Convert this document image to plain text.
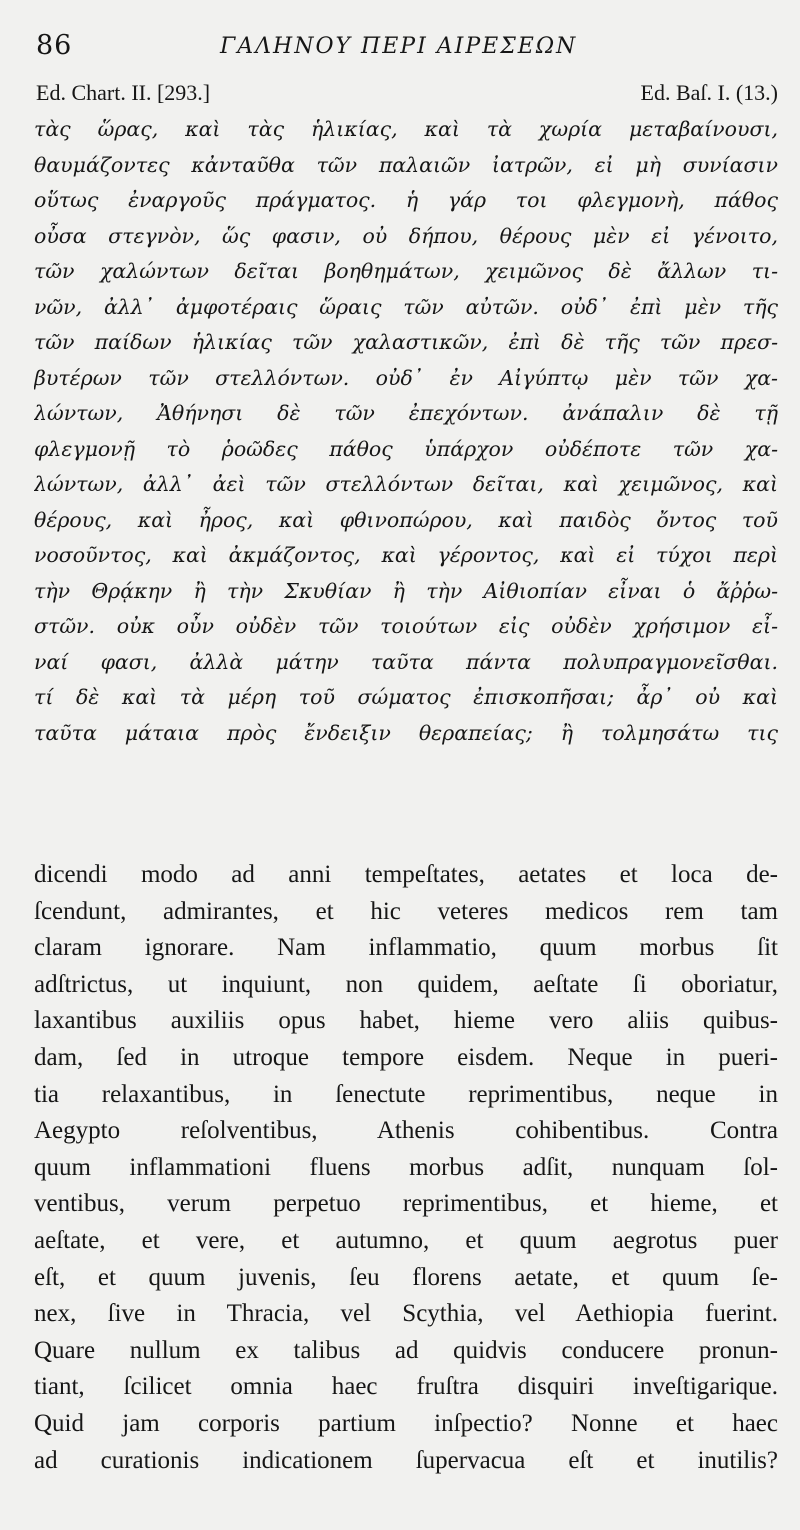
86	ΓΑΛΗΝΟΥ ΠΕΡΙ ΑΙΡΕΣΕΩΝ
Ed. Chart. II. [293.]	Ed. Baſ. I. (13.)
τὰς ὥρας, καὶ τὰς ἡλικίας, καὶ τὰ χωρία μεταβαίνουσι,
θαυμάζοντες κἀνταῦθα τῶν παλαιῶν ἰατρῶν, εἰ μὴ συνίασιν
οὕτως ἐναργοῦς πράγματος. ἡ γάρ τοι φλεγμονὴ, πάθος
οὖσα στεγνὸν, ὥς φασιν, οὐ δήπου, θέρους μὲν εἰ γένοιτο,
τῶν χαλώντων δεῖται βοηθημάτων, χειμῶνος δὲ ἄλλων τι-
νῶν, ἀλλ᾽ ἀμφοτέραις ὥραις τῶν αὐτῶν. οὐδ᾽ ἐπὶ μὲν τῆς
τῶν παίδων ἡλικίας τῶν χαλαστικῶν, ἐπὶ δὲ τῆς τῶν πρεσ-
βυτέρων τῶν στελλόντων. οὐδ᾽ ἐν Αἰγύπτῳ μὲν τῶν χα-
λώντων, Ἀθήνησι δὲ τῶν ἐπεχόντων. ἀνάπαλιν δὲ τῇ
φλεγμονῇ τὸ ῥοῶδες πάθος ὑπάρχον οὐδέποτε τῶν χα-
λώντων, ἀλλ᾽ ἀεὶ τῶν στελλόντων δεῖται, καὶ χειμῶνος, καὶ
θέρους, καὶ ἦρος, καὶ φθινοπώρου, καὶ παιδὸς ὄντος τοῦ
νοσοῦντος, καὶ ἀκμάζοντος, καὶ γέροντος, καὶ εἰ τύχοι περὶ
τὴν Θρᾴκην ἢ τὴν Σκυθίαν ἢ τὴν Αἰθιοπίαν εἶναι ὁ ἄῤῥω-
στῶν. οὐκ οὖν οὐδὲν τῶν τοιούτων εἰς οὐδὲν χρήσιμον εἶ-
ναί φασι, ἀλλὰ μάτην ταῦτα πάντα πολυπραγμονεῖσθαι.
τί δὲ καὶ τὰ μέρη τοῦ σώματος ἐπισκοπῆσαι; ἆρ᾽ οὐ καὶ
ταῦτα μάταια πρὸς ἔνδειξιν θεραπείας; ἢ τολμησάτω τις
dicendi modo ad anni tempeſtates, aetates et loca de-
ſcendunt, admirantes, et hic veteres medicos rem tam
claram ignorare. Nam inflammatio, quum morbus ſit
adſtrictus, ut inquiunt, non quidem, aeſtate ſi oboriatur,
laxantibus auxiliis opus habet, hieme vero aliis quibus-
dam, ſed in utroque tempore eisdem. Neque in pueri-
tia relaxantibus, in ſenectute reprimentibus, neque in
Aegypto reſolventibus, Athenis cohibentibus. Contra
quum inflammationi fluens morbus adſit, nunquam ſol-
ventibus, verum perpetuo reprimentibus, et hieme, et
aeſtate, et vere, et autumno, et quum aegrotus puer
eſt, et quum juvenis, ſeu florens aetate, et quum ſe-
nex, ſive in Thracia, vel Scythia, vel Aethiopia fuerint.
Quare nullum ex talibus ad quidvis conducere pronun-
tiant, ſcilicet omnia haec fruſtra disquiri inveſtigarique.
Quid jam corporis partium inſpectio? Nonne et haec
ad curationis indicationem ſupervacua eſt et inutilis?
